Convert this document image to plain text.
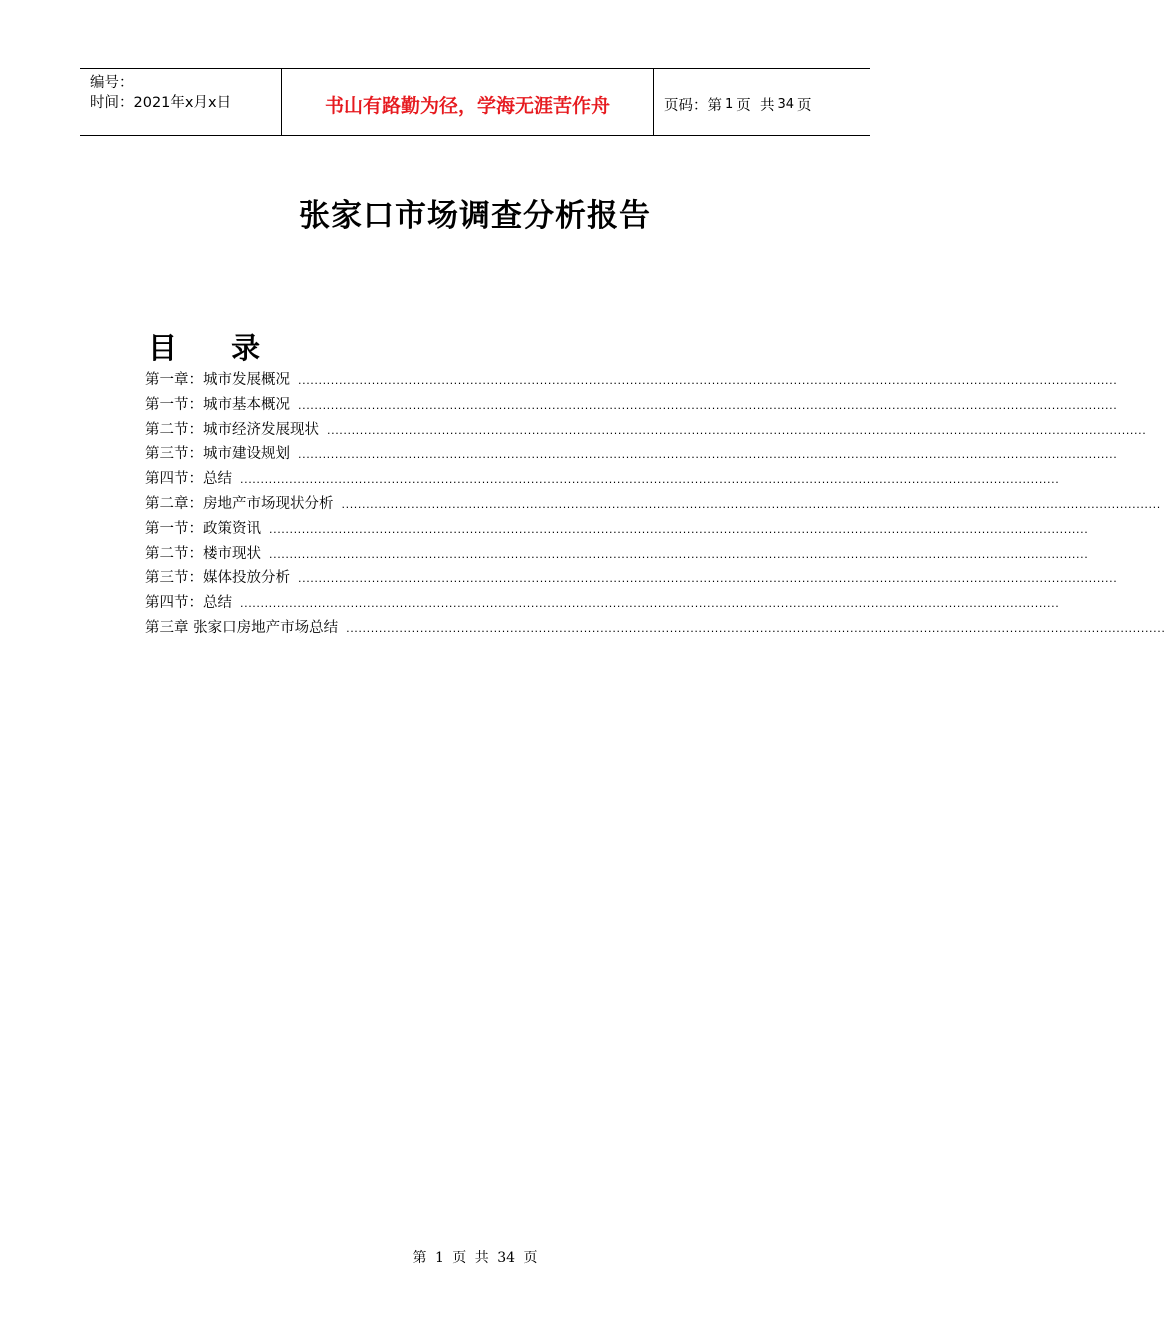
编号：
时间：2021年x月x日	书山有路勤为径，学海无涯苦作舟	页码：第 1 页  共 34 页
张家口市场调查分析报告
目 录
第一章：城市发展概况 ........................................................................................................................................................................................................
第一节：城市基本概况 ........................................................................................................................................................................................................
第二节：城市经济发展现状 ........................................................................................................................................................................................................
第三节：城市建设规划 ........................................................................................................................................................................................................
第四节：总结 ........................................................................................................................................................................................................
第二章：房地产市场现状分析 ........................................................................................................................................................................................................
第一节：政策资讯 ........................................................................................................................................................................................................
第二节：楼市现状 ........................................................................................................................................................................................................
第三节：媒体投放分析 ........................................................................................................................................................................................................
第四节：总结 ........................................................................................................................................................................................................
第三章 张家口房地产市场总结 ........................................................................................................................................................................................................
第 1 页 共 34 页
